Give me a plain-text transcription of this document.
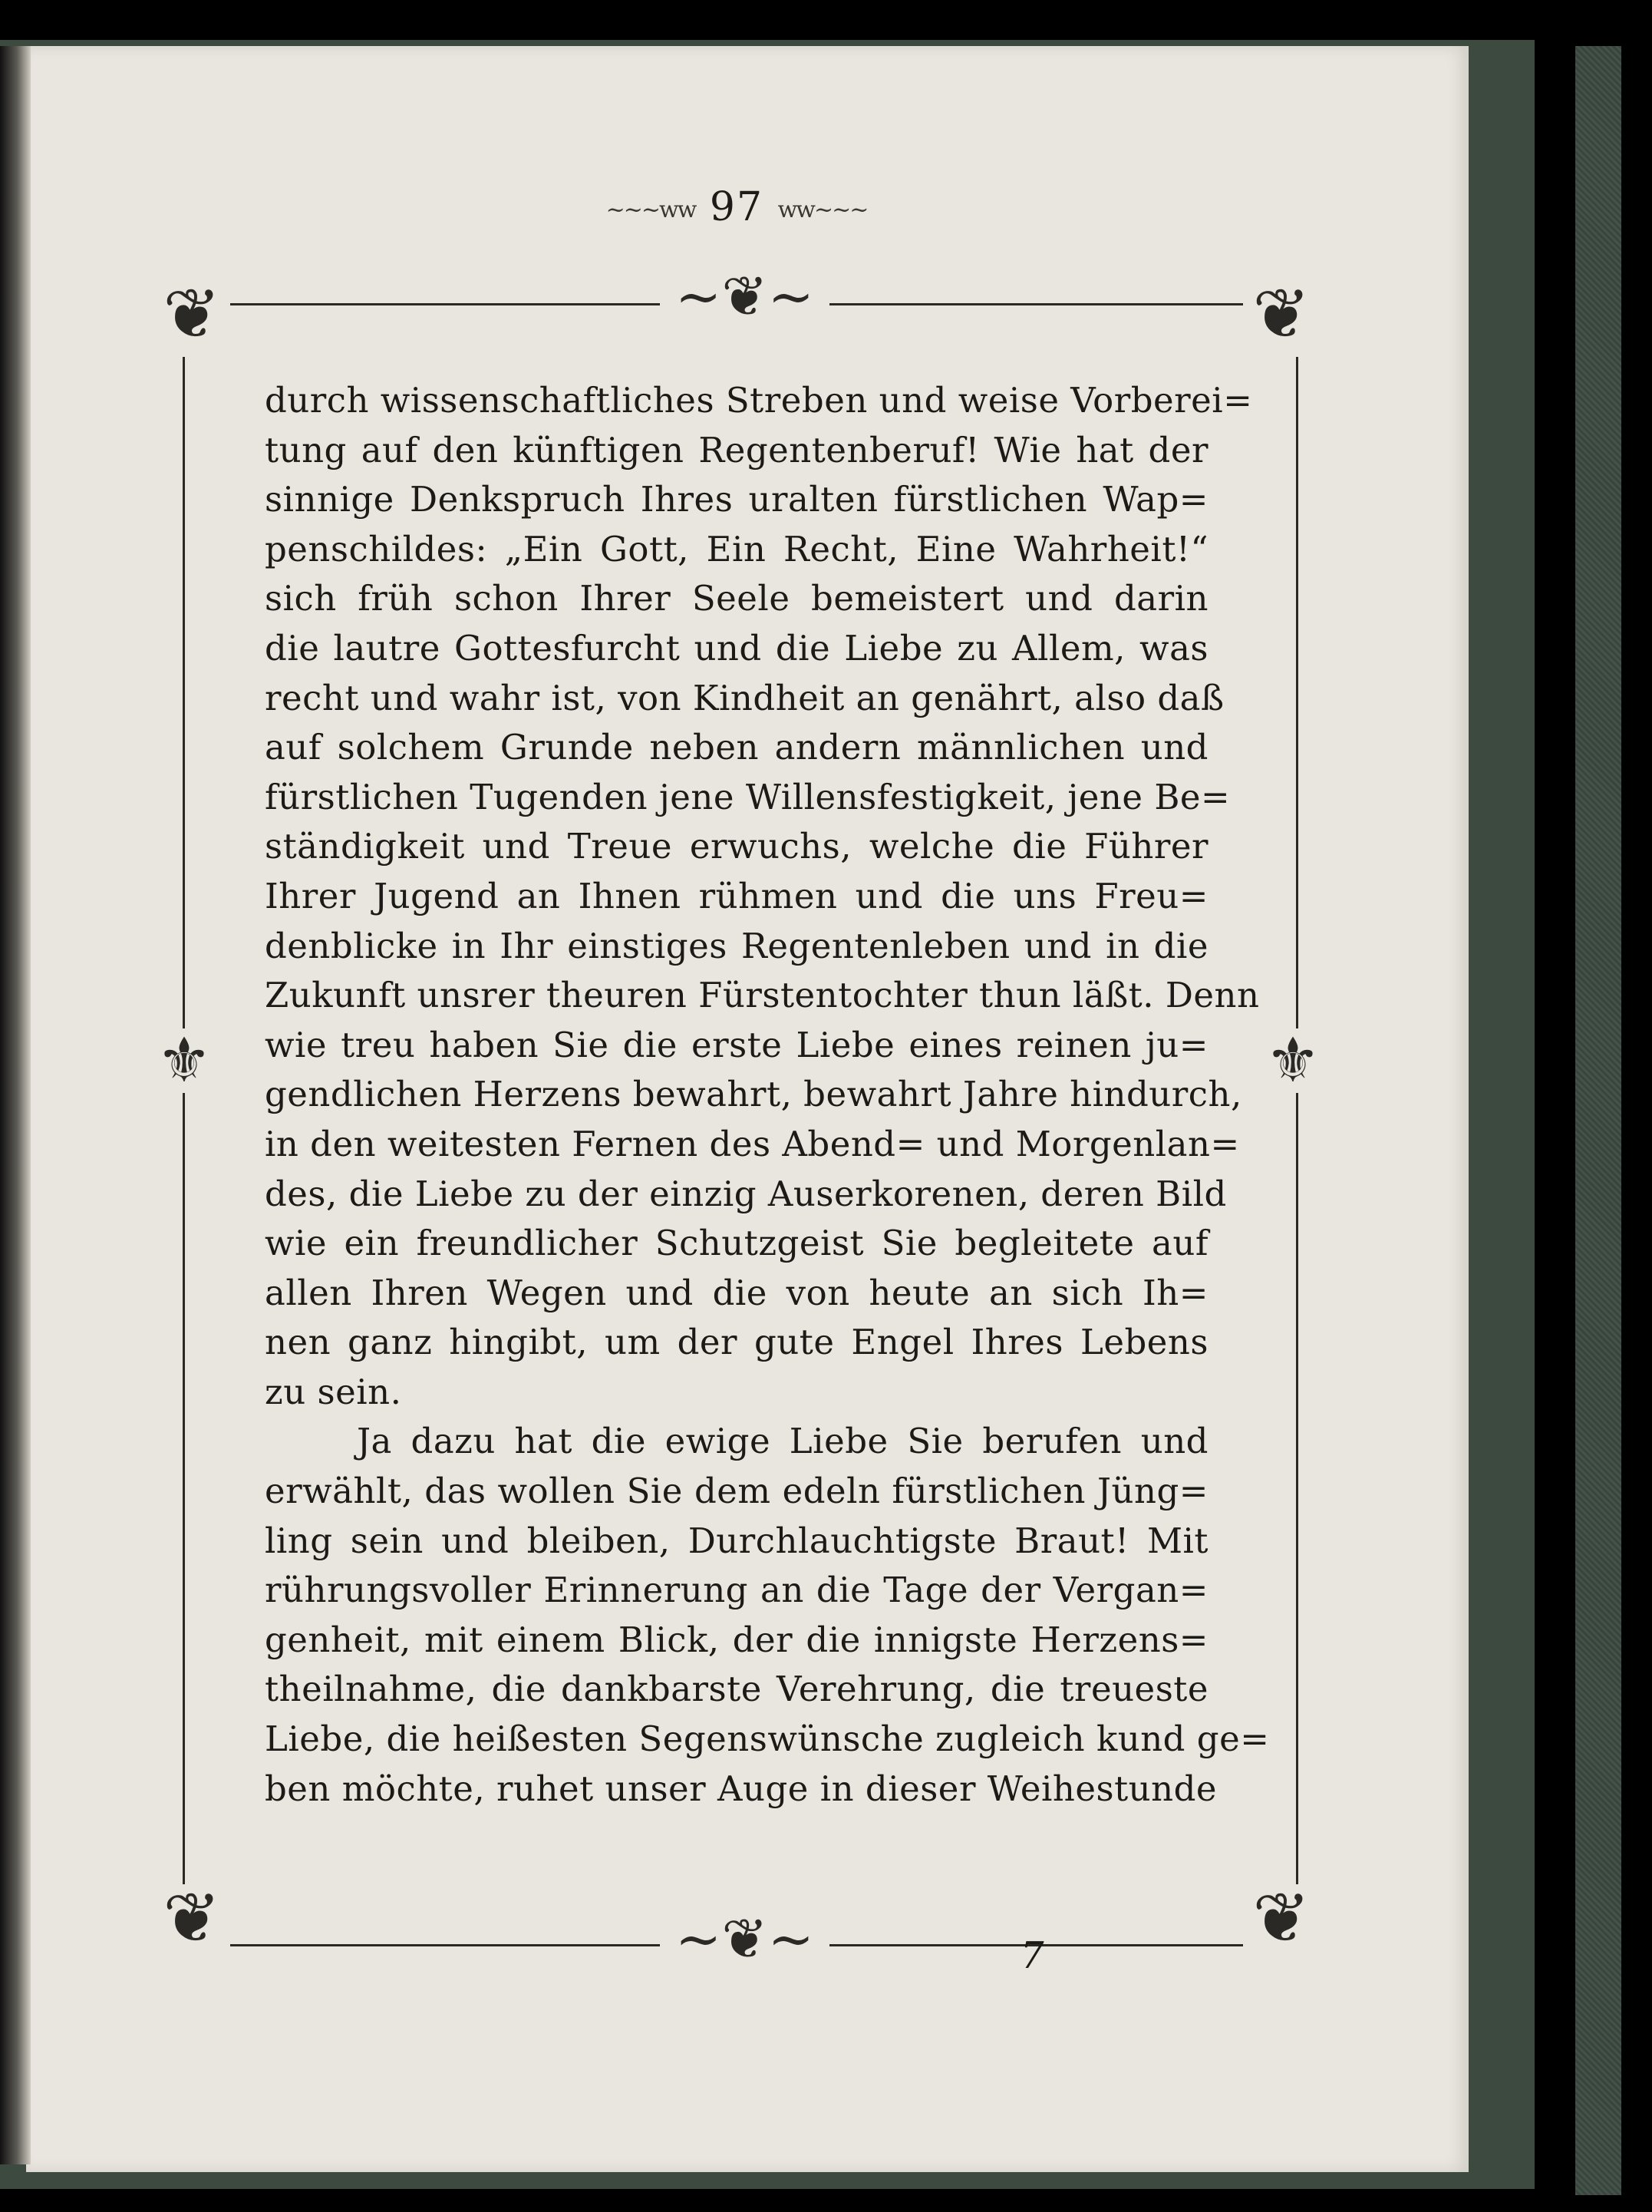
~~~ww 97 ww~~~
❦	❦
❦	❦
~❦~
~❦~
⚜	⚜
durch wissenschaftliches Streben und weise Vorberei=
tung auf den künftigen Regentenberuf! Wie hat der
sinnige Denkspruch Ihres uralten fürstlichen Wap=
penschildes: „Ein Gott, Ein Recht, Eine Wahrheit!“
sich früh schon Ihrer Seele bemeistert und darin
die lautre Gottesfurcht und die Liebe zu Allem, was
recht und wahr ist, von Kindheit an genährt, also daß
auf solchem Grunde neben andern männlichen und
fürstlichen Tugenden jene Willensfestigkeit, jene Be=
ständigkeit und Treue erwuchs, welche die Führer
Ihrer Jugend an Ihnen rühmen und die uns Freu=
denblicke in Ihr einstiges Regentenleben und in die
Zukunft unsrer theuren Fürstentochter thun läßt. Denn
wie treu haben Sie die erste Liebe eines reinen ju=
gendlichen Herzens bewahrt, bewahrt Jahre hindurch,
in den weitesten Fernen des Abend= und Morgenlan=
des, die Liebe zu der einzig Auserkorenen, deren Bild
wie ein freundlicher Schutzgeist Sie begleitete auf
allen Ihren Wegen und die von heute an sich Ih=
nen ganz hingibt, um der gute Engel Ihres Lebens
zu sein.
Ja dazu hat die ewige Liebe Sie berufen und
erwählt, das wollen Sie dem edeln fürstlichen Jüng=
ling sein und bleiben, Durchlauchtigste Braut! Mit
rührungsvoller Erinnerung an die Tage der Vergan=
genheit, mit einem Blick, der die innigste Herzens=
theilnahme, die dankbarste Verehrung, die treueste
Liebe, die heißesten Segenswünsche zugleich kund ge=
ben möchte, ruhet unser Auge in dieser Weihestunde
7
